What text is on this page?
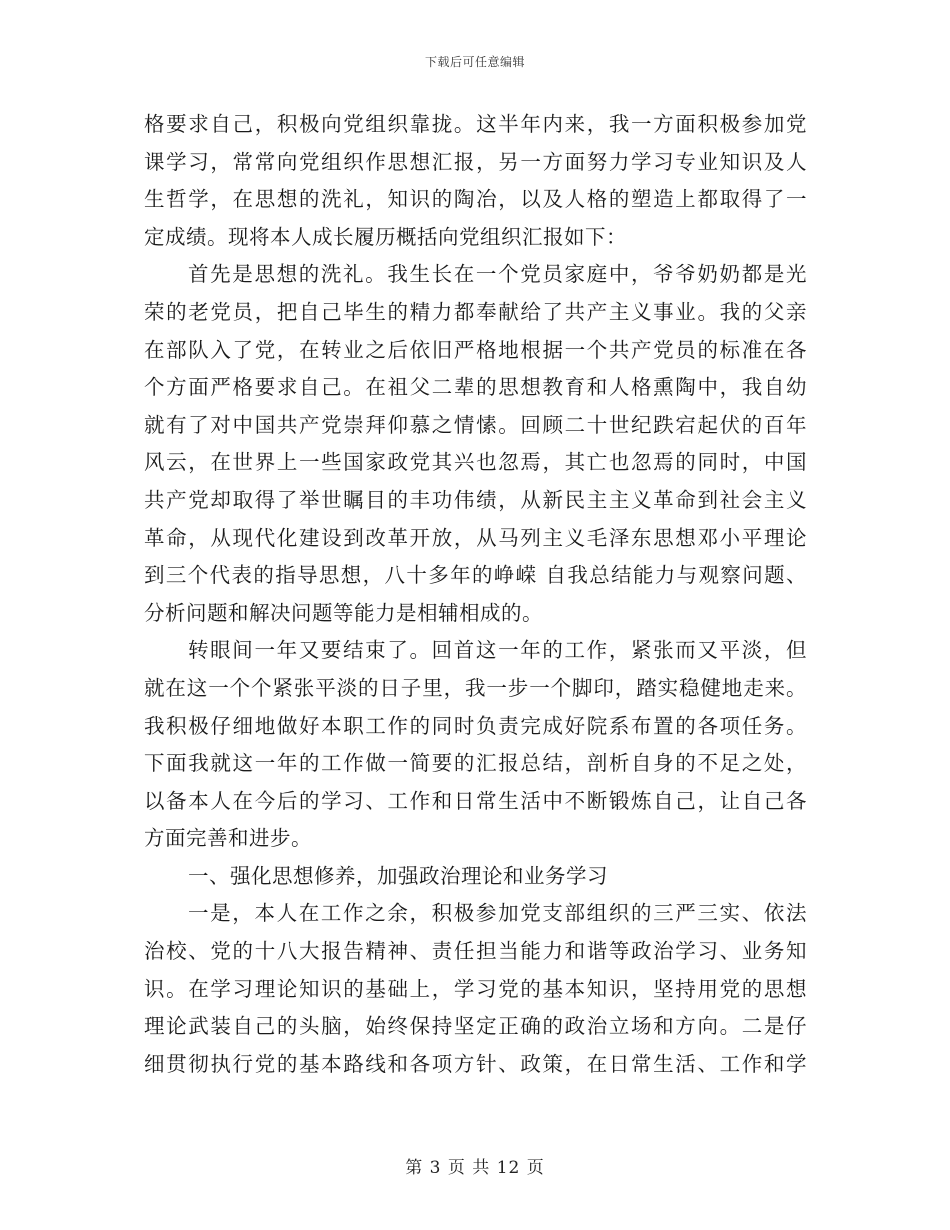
下载后可任意编辑
格要求自己，积极向党组织靠拢。这半年内来，我一方面积极参加党
课学习，常常向党组织作思想汇报，另一方面努力学习专业知识及人
生哲学，在思想的洗礼，知识的陶冶，以及人格的塑造上都取得了一
定成绩。现将本人成长履历概括向党组织汇报如下：
首先是思想的洗礼。我生长在一个党员家庭中，爷爷奶奶都是光
荣的老党员，把自己毕生的精力都奉献给了共产主义事业。我的父亲
在部队入了党，在转业之后依旧严格地根据一个共产党员的标准在各
个方面严格要求自己。在祖父二辈的思想教育和人格熏陶中，我自幼
就有了对中国共产党崇拜仰慕之情愫。回顾二十世纪跌宕起伏的百年
风云，在世界上一些国家政党其兴也忽焉，其亡也忽焉的同时，中国
共产党却取得了举世瞩目的丰功伟绩，从新民主主义革命到社会主义
革命，从现代化建设到改革开放，从马列主义毛泽东思想邓小平理论
到三个代表的指导思想，八十多年的峥嵘 自我总结能力与观察问题、
分析问题和解决问题等能力是相辅相成的。
转眼间一年又要结束了。回首这一年的工作，紧张而又平淡，但
就在这一个个紧张平淡的日子里，我一步一个脚印，踏实稳健地走来。
我积极仔细地做好本职工作的同时负责完成好院系布置的各项任务。
下面我就这一年的工作做一简要的汇报总结，剖析自身的不足之处，
以备本人在今后的学习、工作和日常生活中不断锻炼自己，让自己各
方面完善和进步。
一、强化思想修养，加强政治理论和业务学习
一是，本人在工作之余，积极参加党支部组织的三严三实、依法
治校、党的十八大报告精神、责任担当能力和谐等政治学习、业务知
识。在学习理论知识的基础上，学习党的基本知识，坚持用党的思想
理论武装自己的头脑，始终保持坚定正确的政治立场和方向。二是仔
细贯彻执行党的基本路线和各项方针、政策，在日常生活、工作和学
第 3 页 共 12 页
